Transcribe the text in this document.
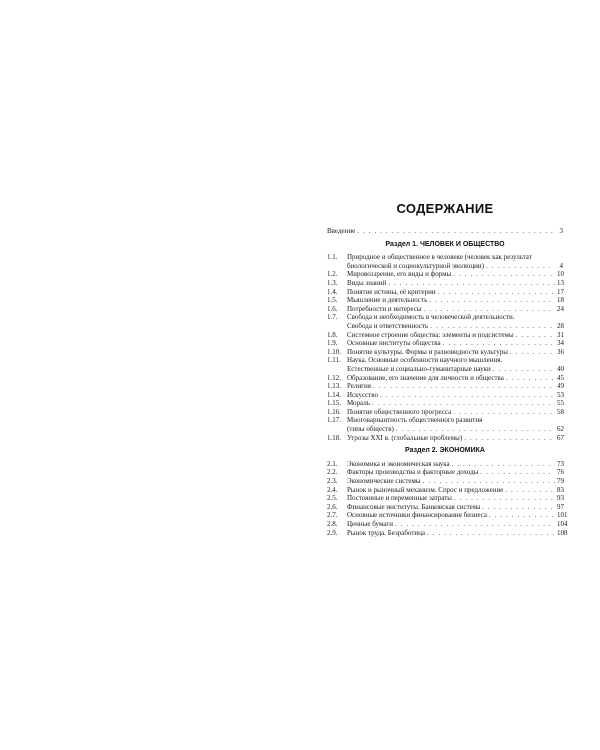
СОДЕРЖАНИЕ
Введение . . .	3
Раздел 1. ЧЕЛОВЕК И ОБЩЕСТВО
1.1.	Природное и общественное в человеке (человек как результат
биологической и социокультурной эволюции) . . .	4
1.2.	Мировоззрение, его виды и формы . . .	10
1.3.	Виды знаний . . .	13
1.4.	Понятие истины, её критерии . . .	17
1.5.	Мышление и деятельность . . .	18
1.6.	Потребности и интересы . . .	24
1.7.	Свобода и необходимость в человеческой деятельности.
Свобода и ответственность . . .	28
1.8.	Системное строение общества: элементы и подсистемы . . .	31
1.9.	Основные институты общества . . .	34
1.10. Понятие культуры. Формы и разновидности культуры . . .	36
1.11. Наука. Основные особенности научного мышления.
Естественные и социально-гуманитарные науки . . .	40
1.12. Образование, его значение для личности и общества . . .	45
1.13. Религия . . .	49
1.14. Искусство . . .	53
1.15. Мораль . . .	55
1.16. Понятие общественного прогресса . . .	58
1.17. Многовариантность общественного развития
(типы обществ) . . .	62
1.18. Угрозы XXI в. (глобальные проблемы) . . .	67
Раздел 2. ЭКОНОМИКА
2.1.	Экономика и экономическая наука . . .	73
2.2.	Факторы производства и факторные доходы . . .	76
2.3.	Экономические системы . . .	79
2.4.	Рынок и рыночный механизм. Спрос и предложение . . .	83
2.5.	Постоянные и переменные затраты . . .	93
2.6.	Финансовые институты. Банковская система . . .	97
2.7.	Основные источники финансирования бизнеса . . .	101
2.8.	Ценные бумаги . . .	104
2.9.	Рынок труда. Безработица . . .	108
